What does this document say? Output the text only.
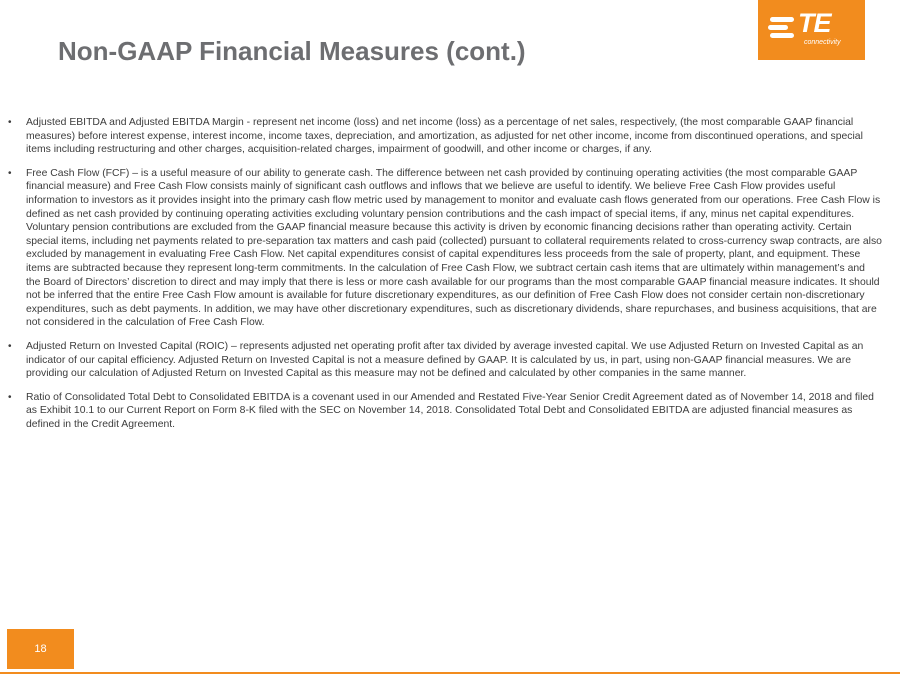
Non-GAAP Financial Measures (cont.)
TE
connectivity
• Adjusted EBITDA and Adjusted EBITDA Margin - represent net income (loss) and net income (loss) as a percentage of net sales, respectively, (the most comparable GAAP financial measures) before interest expense, interest income, income taxes, depreciation, and amortization, as adjusted for net other income, income from discontinued operations, and special items including restructuring and other charges, acquisition-related charges, impairment of goodwill, and other income or charges, if any.
• Free Cash Flow (FCF) – is a useful measure of our ability to generate cash. The difference between net cash provided by continuing operating activities (the most comparable GAAP financial measure) and Free Cash Flow consists mainly of significant cash outflows and inflows that we believe are useful to identify. We believe Free Cash Flow provides useful information to investors as it provides insight into the primary cash flow metric used by management to monitor and evaluate cash flows generated from our operations. Free Cash Flow is defined as net cash provided by continuing operating activities excluding voluntary pension contributions and the cash impact of special items, if any, minus net capital expenditures. Voluntary pension contributions are excluded from the GAAP financial measure because this activity is driven by economic financing decisions rather than operating activity. Certain special items, including net payments related to pre-separation tax matters and cash paid (collected) pursuant to collateral requirements related to cross-currency swap contracts, are also excluded by management in evaluating Free Cash Flow. Net capital expenditures consist of capital expenditures less proceeds from the sale of property, plant, and equipment. These items are subtracted because they represent long-term commitments. In the calculation of Free Cash Flow, we subtract certain cash items that are ultimately within management’s and the Board of Directors’ discretion to direct and may imply that there is less or more cash available for our programs than the most comparable GAAP financial measure indicates. It should not be inferred that the entire Free Cash Flow amount is available for future discretionary expenditures, as our definition of Free Cash Flow does not consider certain non-discretionary expenditures, such as debt payments. In addition, we may have other discretionary expenditures, such as discretionary dividends, share repurchases, and business acquisitions, that are not considered in the calculation of Free Cash Flow.
• Adjusted Return on Invested Capital (ROIC) – represents adjusted net operating profit after tax divided by average invested capital. We use Adjusted Return on Invested Capital as an indicator of our capital efficiency. Adjusted Return on Invested Capital is not a measure defined by GAAP. It is calculated by us, in part, using non-GAAP financial measures. We are providing our calculation of Adjusted Return on Invested Capital as this measure may not be defined and calculated by other companies in the same manner.
• Ratio of Consolidated Total Debt to Consolidated EBITDA is a covenant used in our Amended and Restated Five-Year Senior Credit Agreement dated as of November 14, 2018 and filed as Exhibit 10.1 to our Current Report on Form 8-K filed with the SEC on November 14, 2018. Consolidated Total Debt and Consolidated EBITDA are adjusted financial measures as defined in the Credit Agreement.
18
